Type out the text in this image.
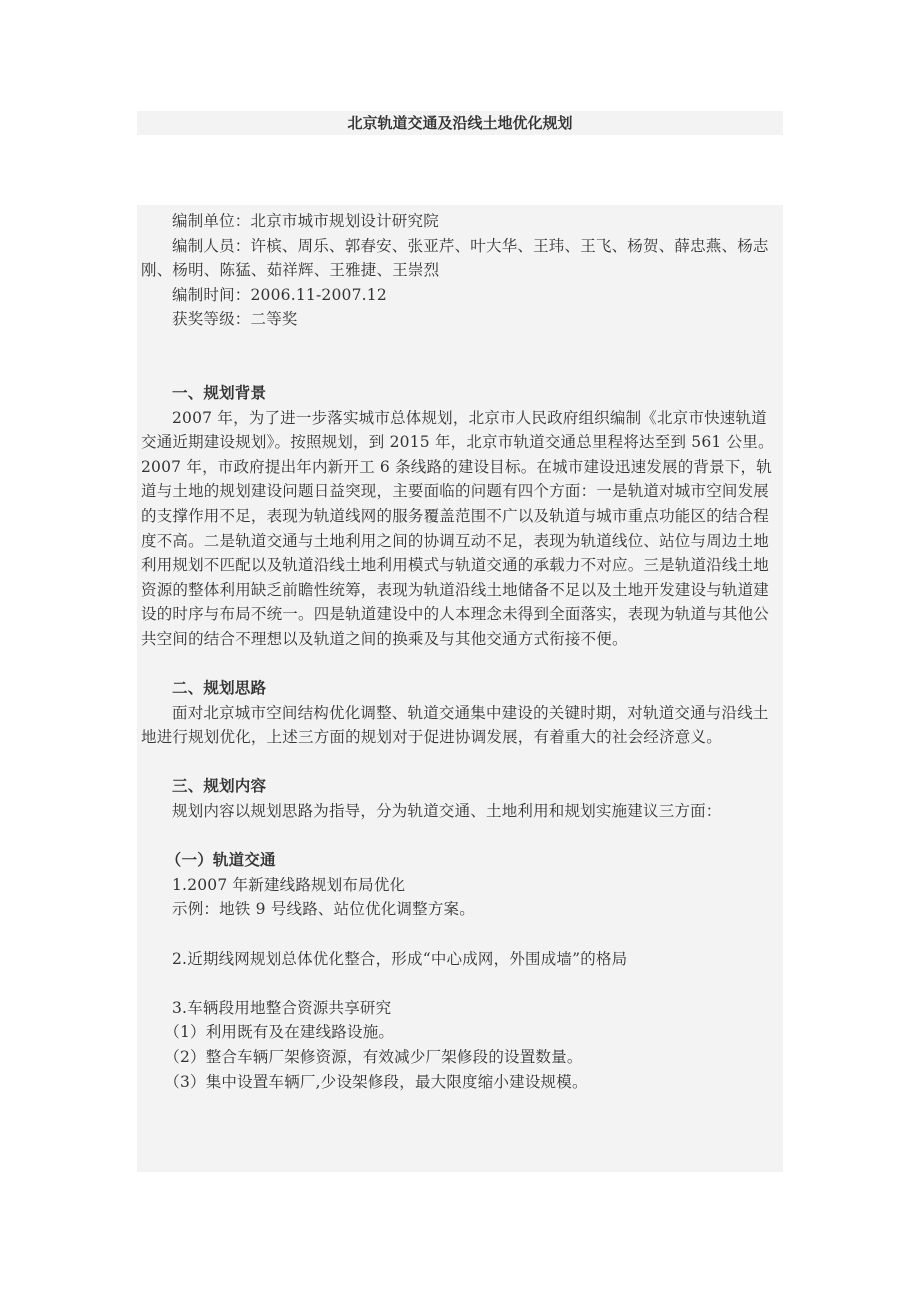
北京轨道交通及沿线土地优化规划

编制单位：北京市城市规划设计研究院

编制人员：许槟、周乐、郭春安、张亚芹、叶大华、王玮、王飞、杨贺、薛忠燕、杨志刚、杨明、陈猛、茹祥辉、王雅捷、王崇烈

编制时间：2006.11-2007.12

获奖等级：二等奖

一、规划背景

2007 年，为了进一步落实城市总体规划，北京市人民政府组织编制《北京市快速轨道交通近期建设规划》。按照规划，到 2015 年，北京市轨道交通总里程将达至到 561 公里。2007 年，市政府提出年内新开工 6 条线路的建设目标。在城市建设迅速发展的背景下，轨道与土地的规划建设问题日益突现，主要面临的问题有四个方面：一是轨道对城市空间发展的支撑作用不足，表现为轨道线网的服务覆盖范围不广以及轨道与城市重点功能区的结合程度不高。二是轨道交通与土地利用之间的协调互动不足，表现为轨道线位、站位与周边土地利用规划不匹配以及轨道沿线土地利用模式与轨道交通的承载力不对应。三是轨道沿线土地资源的整体利用缺乏前瞻性统筹，表现为轨道沿线土地储备不足以及土地开发建设与轨道建设的时序与布局不统一。四是轨道建设中的人本理念未得到全面落实，表现为轨道与其他公共空间的结合不理想以及轨道之间的换乘及与其他交通方式衔接不便。

二、规划思路

面对北京城市空间结构优化调整、轨道交通集中建设的关键时期，对轨道交通与沿线土地进行规划优化，上述三方面的规划对于促进协调发展，有着重大的社会经济意义。

三、规划内容

规划内容以规划思路为指导，分为轨道交通、土地利用和规划实施建议三方面：

（一）轨道交通

1.2007 年新建线路规划布局优化

示例：地铁 9 号线路、站位优化调整方案。

2.近期线网规划总体优化整合，形成“中心成网，外围成墙”的格局

3.车辆段用地整合资源共享研究

（1）利用既有及在建线路设施。

（2）整合车辆厂架修资源，有效减少厂架修段的设置数量。

（3）集中设置车辆厂,少设架修段，最大限度缩小建设规模。
